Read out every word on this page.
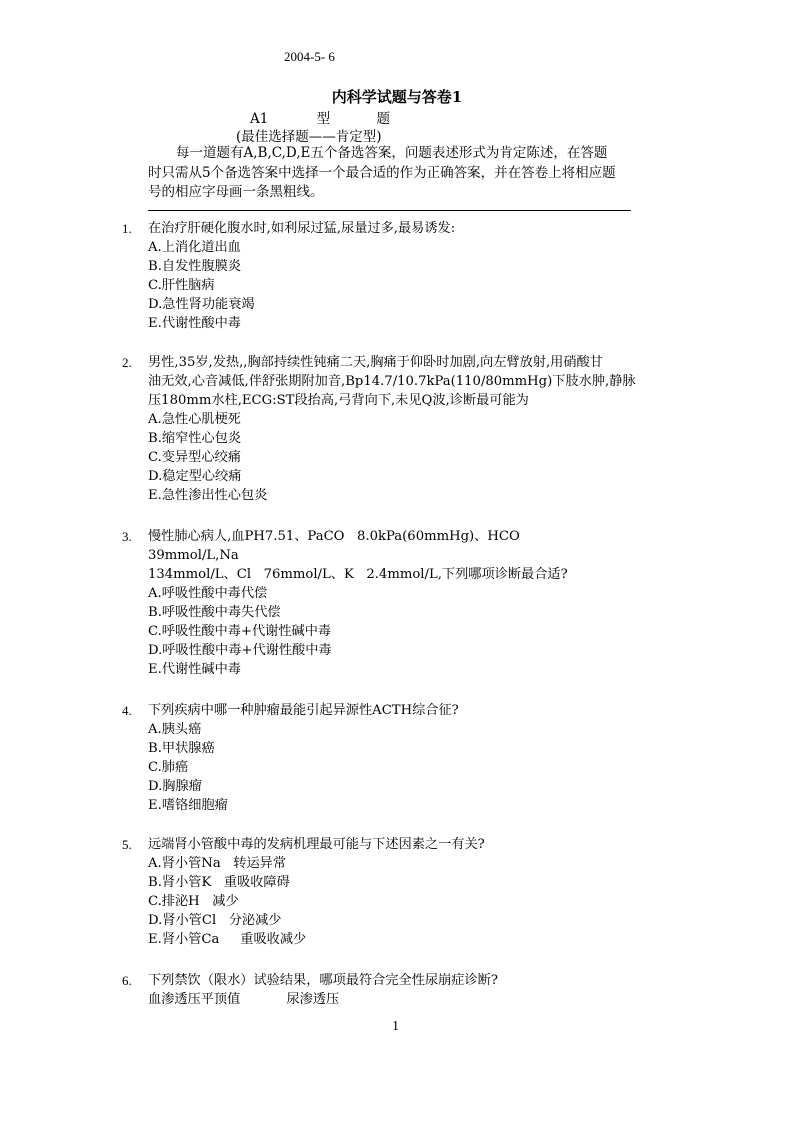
2004-5- 6
内科学试题与答卷1
A1	型	题
(最佳选择题——肯定型)

每一道题有A,B,C,D,E五个备选答案，问题表述形式为肯定陈述，在答题时只需从5个备选答案中选择一个最合适的作为正确答案，并在答卷上将相应题号的相应字母画一条黑粗线。

1. 在治疗肝硬化腹水时,如利尿过猛,尿量过多,最易诱发:
A.上消化道出血
B.自发性腹膜炎
C.肝性脑病
D.急性肾功能衰竭
E.代谢性酸中毒
2. 男性,35岁,发热,,胸部持续性钝痛二天,胸痛于仰卧时加剧,向左臂放射,用硝酸甘
油无效,心音减低,伴舒张期附加音,Bp14.7/10.7kPa(110/80mmHg)下肢水肿,静脉
压180mm水柱,ECG:ST段抬高,弓背向下,未见Q波,诊断最可能为
A.急性心肌梗死
B.缩窄性心包炎
C.变异型心绞痛
D.稳定型心绞痛
E.急性渗出性心包炎
3. 慢性肺心病人,血PH7.51、PaCO   8.0kPa(60mmHg)、HCO
39mmol/L,Na
134mmol/L、Cl   76mmol/L、K   2.4mmol/L,下列哪项诊断最合适?
A.呼吸性酸中毒代偿
B.呼吸性酸中毒失代偿
C.呼吸性酸中毒+代谢性碱中毒
D.呼吸性酸中毒+代谢性酸中毒
E.代谢性碱中毒
4. 下列疾病中哪一种肿瘤最能引起异源性ACTH综合征?
A.胰头癌
B.甲状腺癌
C.肺癌
D.胸腺瘤
E.嗜铬细胞瘤
5. 远端肾小管酸中毒的发病机理最可能与下述因素之一有关?
A.肾小管Na   转运异常
B.肾小管K   重吸收障碍
C.排泌H   减少
D.肾小管Cl   分泌减少
E.肾小管Ca     重吸收减少
6. 下列禁饮（限水）试验结果，哪项最符合完全性尿崩症诊断?
血渗透压平顶值           尿渗透压
1
